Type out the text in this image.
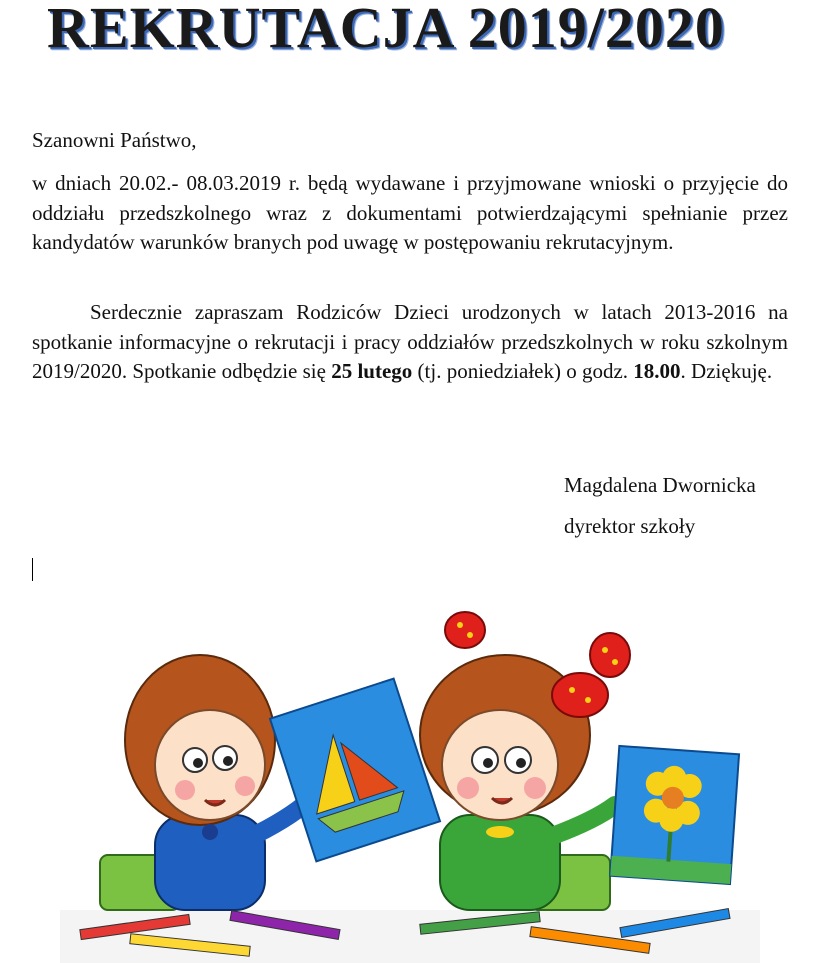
REKRUTACJA 2019/2020

Szanowni Państwo,

w dniach 20.02.- 08.03.2019 r. będą wydawane i przyjmowane wnioski o przyjęcie do oddziału przedszkolnego wraz z dokumentami potwierdzającymi spełnianie przez kandydatów warunków branych pod uwagę w postępowaniu rekrutacyjnym.

Serdecznie zapraszam Rodziców Dzieci urodzonych w latach 2013-2016 na spotkanie informacyjne o rekrutacji i pracy oddziałów przedszkolnych w roku szkolnym 2019/2020. Spotkanie odbędzie się 25 lutego (tj. poniedziałek) o godz. 18.00. Dziękuję.

Magdalena Dwornicka

dyrektor szkoły
